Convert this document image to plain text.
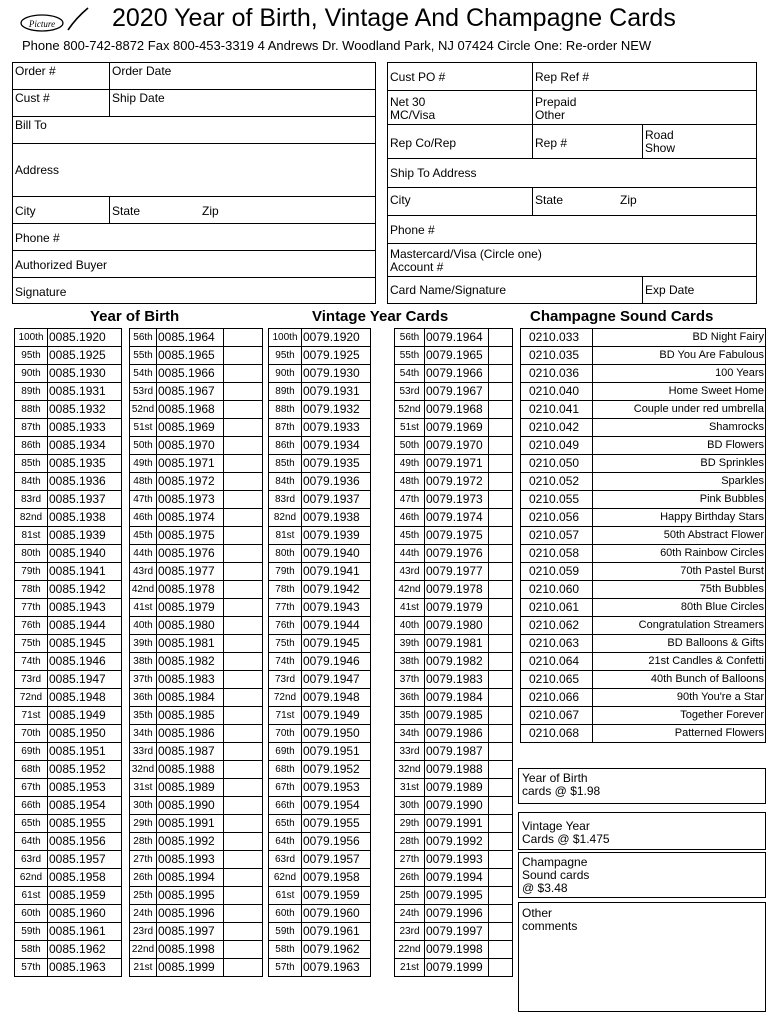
Picture 2020 Year of Birth, Vintage And Champagne Cards
Phone 800-742-8872 Fax 800-453-3319 4 Andrews Dr. Woodland Park, NJ 07424 Circle One: Re-order NEW
Order #	Order Date
Cust #	Ship Date
Bill To
Address
City	State	Zip
Phone #
Authorized Buyer
Signature
Cust PO #	Rep Ref #
Net 30
MC/Visa
Prepaid
Other
Rep Co/Rep	Rep #
Road
Show
Ship To Address
City	State	Zip
Phone #
Mastercard/Visa (Circle one)
Account #
Card Name/Signature	Exp Date
Year of Birth	Vintage Year Cards	Champagne Sound Cards
100th	0085.1920		56th	0085.1964	
95th	0085.1925		55th	0085.1965	
90th	0085.1930		54th	0085.1966	
89th	0085.1931		53rd	0085.1967	
88th	0085.1932		52nd	0085.1968	
87th	0085.1933		51st	0085.1969	
86th	0085.1934		50th	0085.1970	
85th	0085.1935		49th	0085.1971	
84th	0085.1936		48th	0085.1972	
83rd	0085.1937		47th	0085.1973	
82nd	0085.1938		46th	0085.1974	
81st	0085.1939		45th	0085.1975	
80th	0085.1940		44th	0085.1976	
79th	0085.1941		43rd	0085.1977	
78th	0085.1942		42nd	0085.1978	
77th	0085.1943		41st	0085.1979	
76th	0085.1944		40th	0085.1980	
75th	0085.1945		39th	0085.1981	
74th	0085.1946		38th	0085.1982	
73rd	0085.1947		37th	0085.1983	
72nd	0085.1948		36th	0085.1984	
71st	0085.1949		35th	0085.1985	
70th	0085.1950		34th	0085.1986	
69th	0085.1951		33rd	0085.1987	
68th	0085.1952		32nd	0085.1988	
67th	0085.1953		31st	0085.1989	
66th	0085.1954		30th	0085.1990	
65th	0085.1955		29th	0085.1991	
64th	0085.1956		28th	0085.1992	
63rd	0085.1957		27th	0085.1993	
62nd	0085.1958		26th	0085.1994	
61st	0085.1959		25th	0085.1995	
60th	0085.1960		24th	0085.1996	
59th	0085.1961		23rd	0085.1997	
58th	0085.1962		22nd	0085.1998	
57th	0085.1963		21st	0085.1999	
100th	0079.1920		56th	0079.1964	
95th	0079.1925		55th	0079.1965	
90th	0079.1930		54th	0079.1966	
89th	0079.1931		53rd	0079.1967	
88th	0079.1932		52nd	0079.1968	
87th	0079.1933		51st	0079.1969	
86th	0079.1934		50th	0079.1970	
85th	0079.1935		49th	0079.1971	
84th	0079.1936		48th	0079.1972	
83rd	0079.1937		47th	0079.1973	
82nd	0079.1938		46th	0079.1974	
81st	0079.1939		45th	0079.1975	
80th	0079.1940		44th	0079.1976	
79th	0079.1941		43rd	0079.1977	
78th	0079.1942		42nd	0079.1978	
77th	0079.1943		41st	0079.1979	
76th	0079.1944		40th	0079.1980	
75th	0079.1945		39th	0079.1981	
74th	0079.1946		38th	0079.1982	
73rd	0079.1947		37th	0079.1983	
72nd	0079.1948		36th	0079.1984	
71st	0079.1949		35th	0079.1985	
70th	0079.1950		34th	0079.1986	
69th	0079.1951		33rd	0079.1987	
68th	0079.1952		32nd	0079.1988	
67th	0079.1953		31st	0079.1989	
66th	0079.1954		30th	0079.1990	
65th	0079.1955		29th	0079.1991	
64th	0079.1956		28th	0079.1992	
63rd	0079.1957		27th	0079.1993	
62nd	0079.1958		26th	0079.1994	
61st	0079.1959		25th	0079.1995	
60th	0079.1960		24th	0079.1996	
59th	0079.1961		23rd	0079.1997	
58th	0079.1962		22nd	0079.1998	
57th	0079.1963		21st	0079.1999	
0210.033	BD Night Fairy
0210.035	BD You Are Fabulous
0210.036	100 Years
0210.040	Home Sweet Home
0210.041	Couple under red umbrella
0210.042	Shamrocks
0210.049	BD Flowers
0210.050	BD Sprinkles
0210.052	Sparkles
0210.055	Pink Bubbles
0210.056	Happy Birthday Stars
0210.057	50th Abstract Flower
0210.058	60th Rainbow Circles
0210.059	70th Pastel Burst
0210.060	75th Bubbles
0210.061	80th Blue Circles
0210.062	Congratulation Streamers
0210.063	BD Balloons & Gifts
0210.064	21st Candles & Confetti
0210.065	40th Bunch of Balloons
0210.066	90th You're a Star
0210.067	Together Forever
0210.068	Patterned Flowers
Year of Birth
cards @ $1.98
Vintage Year
Cards @ $1.475
Champagne
Sound cards
@ $3.48
Other
comments
